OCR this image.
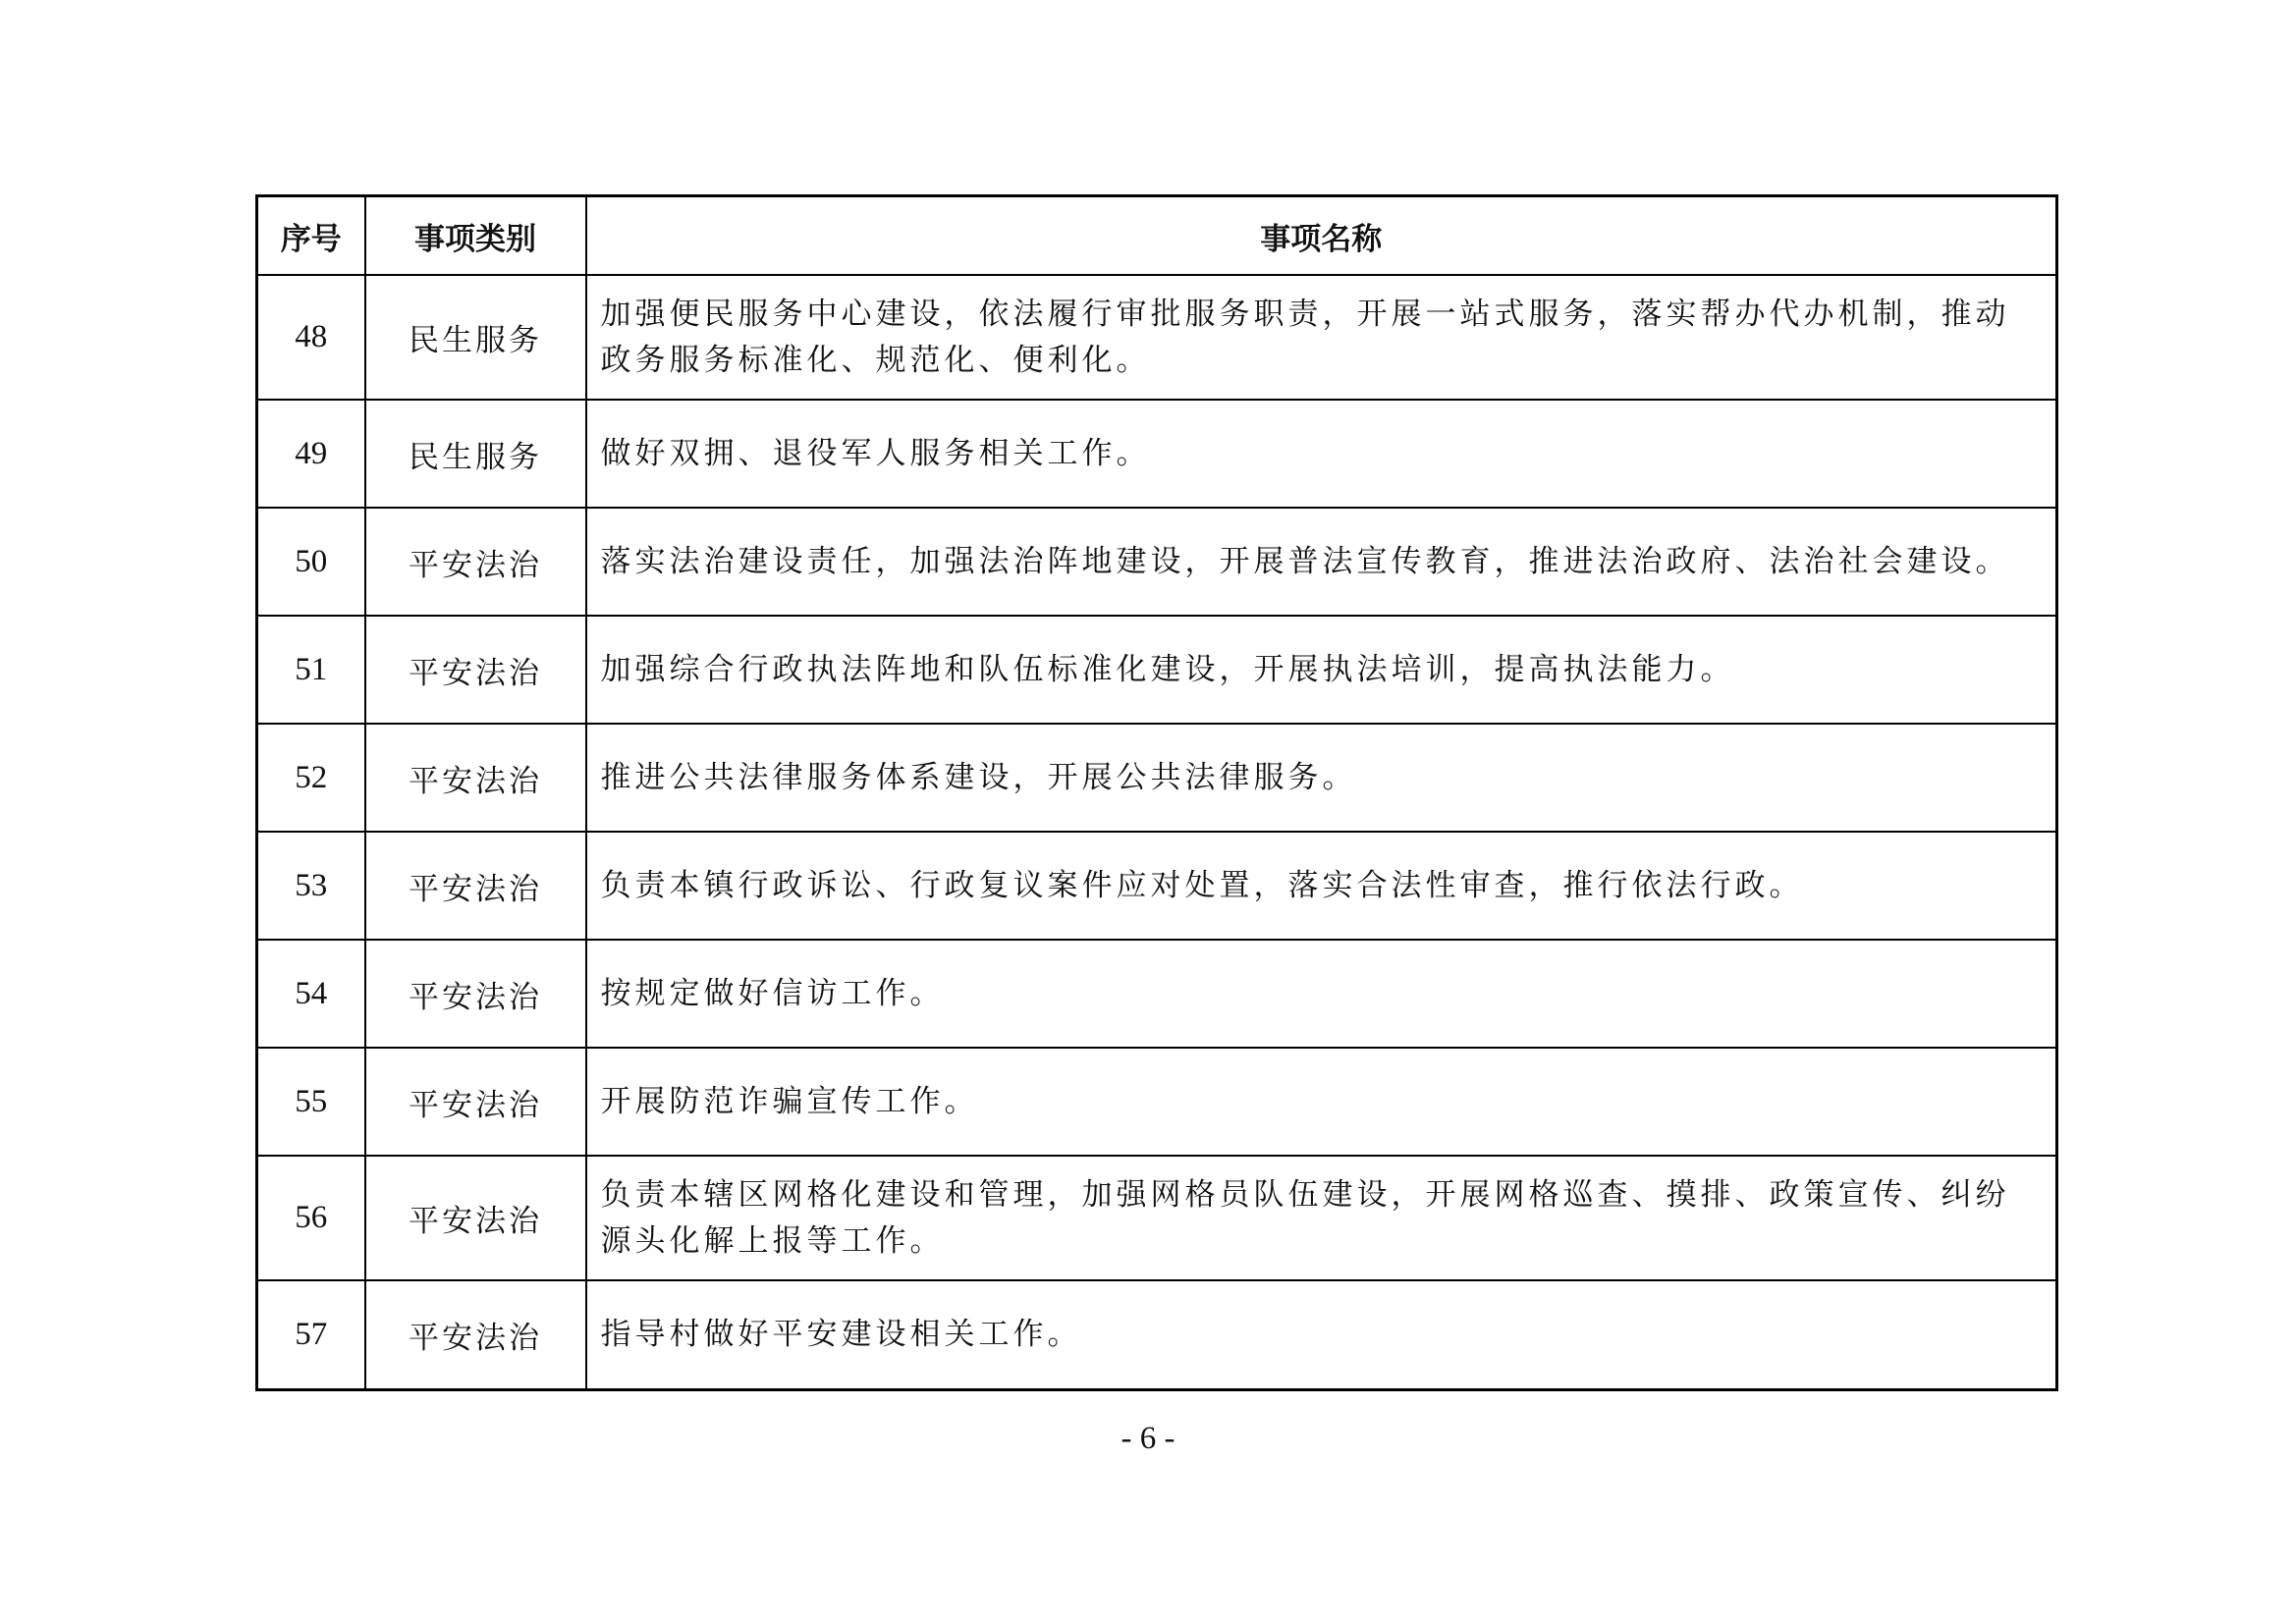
序号	事项类别	事项名称
48	民生服务	加强便民服务中心建设，依法履行审批服务职责，开展一站式服务，落实帮办代办机制，推动政务服务标准化、规范化、便利化。
49	民生服务	做好双拥、退役军人服务相关工作。
50	平安法治	落实法治建设责任，加强法治阵地建设，开展普法宣传教育，推进法治政府、法治社会建设。
51	平安法治	加强综合行政执法阵地和队伍标准化建设，开展执法培训，提高执法能力。
52	平安法治	推进公共法律服务体系建设，开展公共法律服务。
53	平安法治	负责本镇行政诉讼、行政复议案件应对处置，落实合法性审查，推行依法行政。
54	平安法治	按规定做好信访工作。
55	平安法治	开展防范诈骗宣传工作。
56	平安法治	负责本辖区网格化建设和管理，加强网格员队伍建设，开展网格巡查、摸排、政策宣传、纠纷源头化解上报等工作。
57	平安法治	指导村做好平安建设相关工作。
- 6 -
